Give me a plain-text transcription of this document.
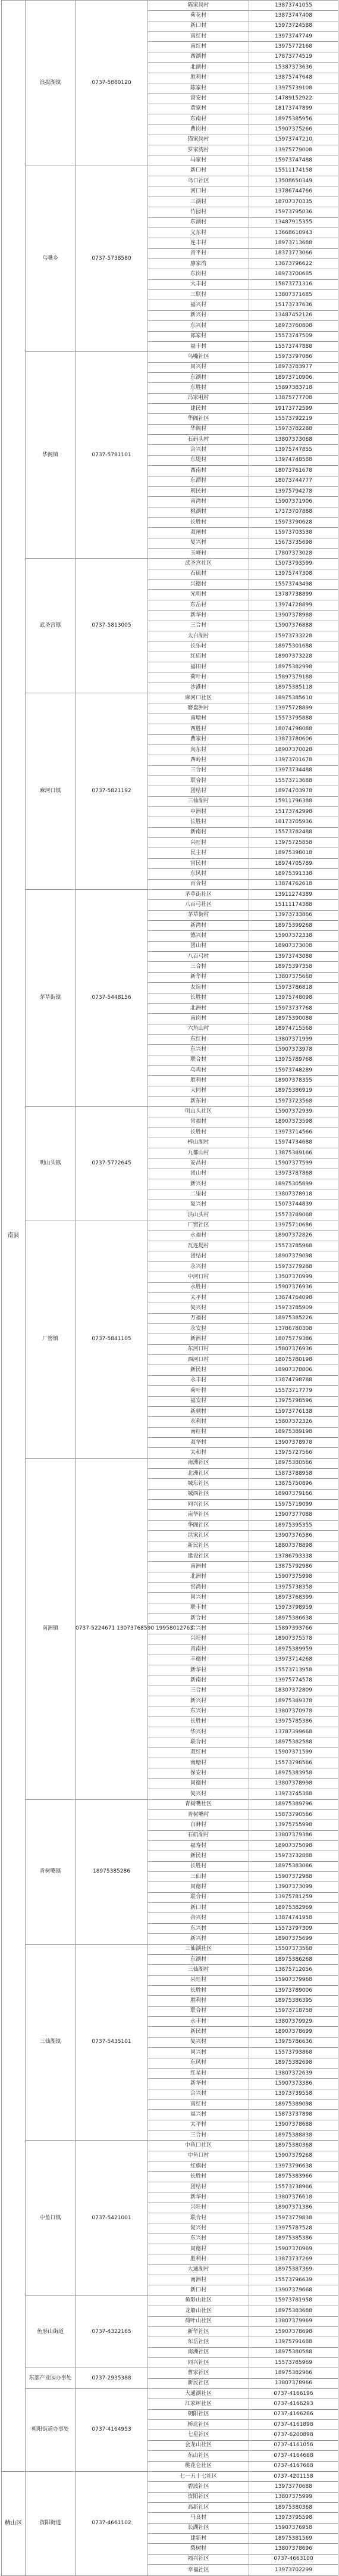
南县	浪拔湖镇	0737-5880120	陈家岗村	13873741055
			荷花村	13873747408
			新口村	15973724588
			南红村	13973747749
			南红村	13975772168
			西湖村	17873774519
			北湖村	15387373636
			胜利村	13875747648
			陈家村	13975739108
			富安村	14789152922
			黄家村	18173747899
			东南村	18975385956
			曹岗村	15907375266
			猫家岗村	15973747210
			罗家湾村	13975779008
			马家村	15973747488
	乌嘴乡	0737-5738580	新口村	15511174158
			乌口社区	13508650349
			河口村	13786744766
			三湖村	18707370335
			竹园村	15973795036
			东湖村	13487915355
			义东村	13668610943
			连丰村	18973713688
			青平村	18373773066
			廖家湾	13873796622
			东岗村	18973700685
			大丰村	15873771316
			三联村	13807371685
			福兴村	15173737636
			新兴村	13487452126
			东兴村	18973760808
			邵家村	15573747509
			福丰村	15573747888
	华阁镇	0737-5781101	乌嘴社区	15973797086
			同兴村	18973783977
			东湖村	18973710906
			东胜村	15897383718
			冯家咀村	13875777708
			建民村	19173772599
			华阁社区	15573792219
			华阁村	15973782288
			石码头村	13807373068
			合兴村	13975747855
			东堤村	13974748588
			西南村	18073761678
			东潭村	18073744777
			利民村	13975794278
			南湾村	15907371906
			桃湖村	17373707888
			长胜村	15973790628
			双闸村	15973703538
			复兴村	15673735698
			玉峰村	17807373028
	武圣宫镇	0737-5813005	武圣宫社区	15073793599
			石矶村	13975747308
			兴德村	15573743498
			光明村	13787738899
			东岳村	13974728899
			新华村	13907378988
			三合村	15907376888
			太白湖村	15973733228
			长乐村	18975301688
			红庙村	18907373228
			福田村	18975382998
			荷叶村	15897379188
			沙港村	18975385118
	麻河口镇	0737-5821192	麻河口社区	18975385610
			磨盘洲村	13975728899
			南塘村	15573795888
			西胜村	18074798088
			曹家村	13873780606
			向东村	18907370028
			西岭村	13973701678
			三合村	13973734488
			联合村	15573713688
			团结村	18974703978
			三仙湖村	15911796388
			中洲村	15173742998
			长胜村	18173705936
			新南村	15573782488
			兴旺村	13975725858
			民主村	18975398018
			富民村	18974705789
			东风村	18975391338
			百合村	13874762618
	茅草街镇	0737-5448156	茅草街社区	13911274389
			八百弓社区	15111174388
			茅草街村	13973733866
			新湾村	18975399268
			德兴村	15907372338
			团山村	18907373008
			八百弓村	13973743088
			三合村	18975397358
			新华村	13807375668
			友谊村	15973786818
			长胜村	13975748098
			北洲村	15973737768
			南岗村	18975390088
			六角山村	18974715568
			东红村	13807371999
			东兴村	15907373978
			联合村	13975789768
			乌鸡村	15973748289
			胜利村	18907378355
			大同村	18975386919
			新东村	15973723568
	明山头镇	0737-5772645	明山头社区	15907372939
			常福村	18907373598
			长胜村	13973714566
			梓山湖村	15974734688
			九都山村	13875389166
			安昌村	15907377599
			团山村	13973787868
			新兴村	18975305899
			二里村	13807378918
			复兴村	15073744839
			洪山头村	15573789068
	厂窖镇	0737-5841105	厂窖社区	13975710686
			永福村	18907372826
			瓦连堤村	15573785968
			团结村	18907379098
			永兴村	15973779288
			中河口村	13507370999
			永胜村	15907376936
			太平村	13874764098
			复兴村	15973785909
			万福村	18975385226
			永安村	13786780308
			新洲村	18075779386
			东河口村	15807376936
			西河口村	18075780198
			新民村	18907378806
			永丰村	13874798788
			荷叶村	15573717779
			福安村	13975798596
			新颜村	15973776138
			永利村	15807372326
			南红村	18975389198
			双华村	13907378978
			太和村	13975727566
	南洲镇	0737-5224671 13073768590 19958012763	南洲社区	18975380566
			北洲社区	15873788958
			城东社区	13875750896
			城西社区	18907379166
			同兴社区	15975719099
			南华社区	13907377088
			华阁社区	18975395355
			洪家社区	13907376586
			新民社区	18807378898
			建设社区	13786793338
			南洲村	13875792986
			北洲村	15907375998
			窑湾村	13975738358
			同兴村	18973768399
			联丰村	15973798959
			新合村	18975386638
			合兴村	15897393766
			兴旺村	18907375578
			青南村	18975389959
			丰德村	13973714268
			新华村	15573713958
			新南村	13975774578
			三合村	18307372809
			新兴村	18975389378
			东兴村	13807370978
			长胜村	13975785386
			华兴村	13787399668
			联合村	18975382588
			双红村	15907371599
			南塘村	15573798566
			保安村	18975383958
			同德村	13807378998
			复兴村	13973745388
	青树嘴镇	18975385286	青树嘴社区	18975389796
			青树嘴村	15873790566
			白蚌村	13975755998
			石矶湖村	13807379386
			福寿村	18907375098
			新民村	15973732888
			长胜村	18975383066
			三仙村	15907372988
			同德村	13907373099
			联合村	13975781259
			新口村	18975382969
			合兴村	13874741958
			东兴村	15573797309
			新兴村	18907375699
	三仙湖镇	0737-5435101	三仙湖社区	15507373568
			东湖村	18975386268
			三仙湖村	13875712056
			兴旺村	15907379968
			长胜村	13973789006
			胜利村	18975386395
			联合村	15973718758
			永丰村	13807379929
			新民村	18907378699
			复兴村	13975786636
			同兴村	15573793868
			东风村	18975382698
			红星村	13807372639
			新华村	15907373386
			合兴村	13973739558
			南红村	18975389098
			福兴村	15873737898
			太平村	13907378688
			三合村	18975388838
	中鱼口镇	0737-5421001	中鱼口社区	18975380368
			中鱼口村	15907379268
			红旗村	13973796638
			长胜村	18975383966
			团结村	15573738966
			新华村	13807376618
			兴旺村	18907371386
			联合村	15973779838
			复兴村	13975787528
			东兴村	18975385386
			同德村	15907370969
			胜利村	13873737269
			大通湖村	18975387369
			南洲村	15573796639
			新口村	13907379668
	鱼形山街道	0737-4322165	鱼形山社区	15973781958
			龙船山社区	18975383688
			荷叶山社区	13807379969
			新华社区	15907378698
			东岳社区	13975791688
			南洲社区	18975380588
			同兴社区	15573785969
	东部产业园办事处	0737-2935388	曹家社区	18975382966
			新民社区	13807378966
	朝阳街道办事处	0737-4164953	大通湖社区	0737-4166196
			江家坪社区	0737-4166293
			朝阳社区	0737-4166286
			桥北社区	0737-4161898
			七星社区	0737-6200898
			会龙山社区	0737-4161056
			东山社区	0737-4164668
			桃花仑社区	0737-4167688
赫山区	资阳街道	0737-4661102	七一五十七社区	0737-4201158
			碧波社区	13973770688
			资阳社区	13807375999
			高新社区	18975380368
			马良村	13973795598
			长湖社区	15907376958
			建新村	18975381569
			梨树村	13807378696
			福兴社区	0737-4663100
			幸福社区	13973702299
